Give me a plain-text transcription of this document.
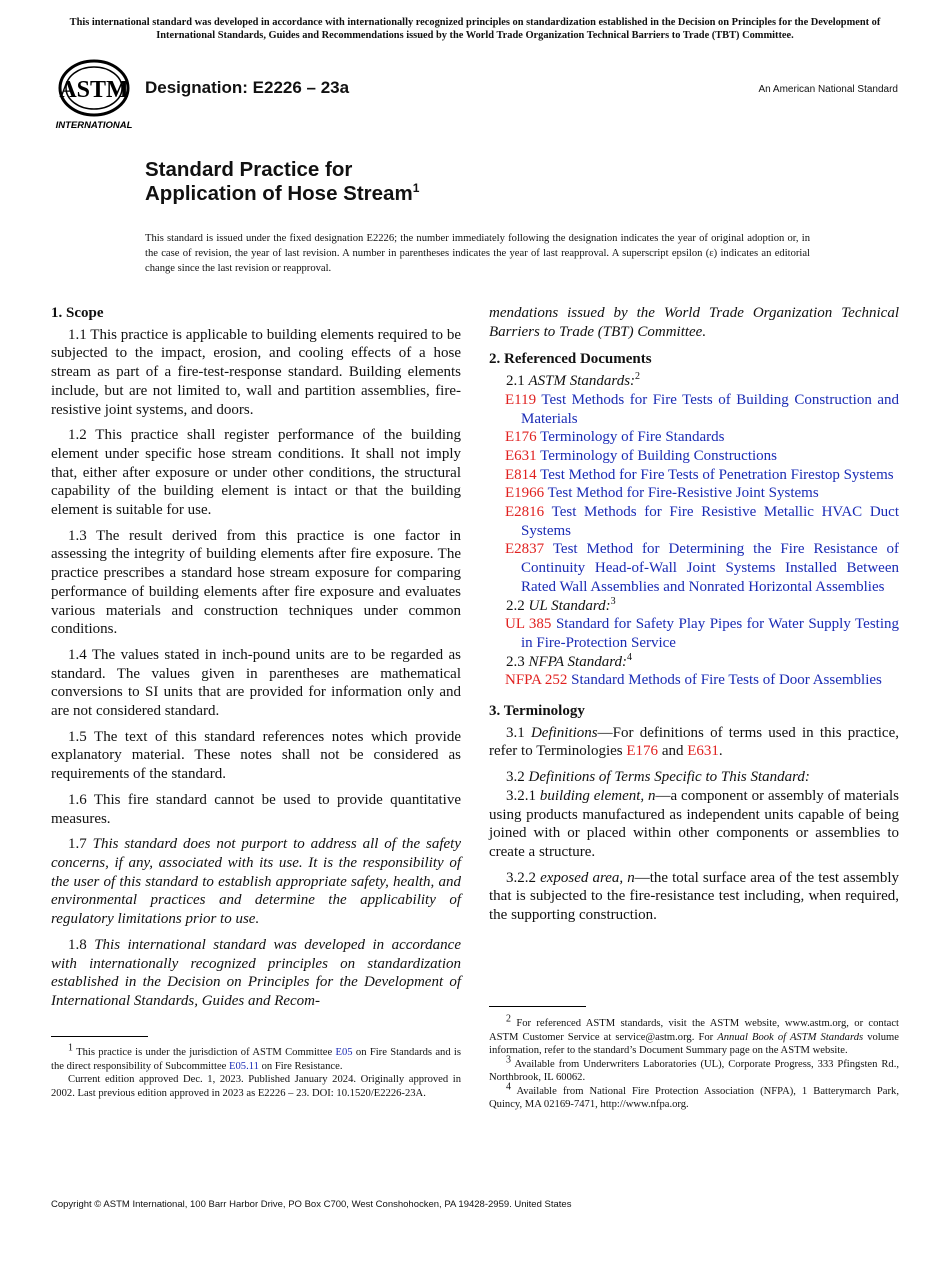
This international standard was developed in accordance with internationally recognized principles on standardization established in the Decision on Principles for the Development of International Standards, Guides and Recommendations issued by the World Trade Organization Technical Barriers to Trade (TBT) Committee.
ASTM
INTERNATIONAL
Designation: E2226 – 23a	An American National Standard
Standard Practice for
Application of Hose Stream$^1$
This standard is issued under the fixed designation E2226; the number immediately following the designation indicates the year of original adoption or, in the case of revision, the year of last revision. A number in parentheses indicates the year of last reapproval. A superscript epsilon (ε) indicates an editorial change since the last revision or reapproval.
1. Scope
1.1 This practice is applicable to building elements required to be subjected to the impact, erosion, and cooling effects of a hose stream as part of a fire-test-response standard. Building elements include, but are not limited to, wall and partition assemblies, fire-resistive joint systems, and doors.
1.2 This practice shall register performance of the building element under specific hose stream conditions. It shall not imply that, either after exposure or under other conditions, the structural capability of the building element is intact or that the building element is suitable for use.
1.3 The result derived from this practice is one factor in assessing the integrity of building elements after fire exposure. The practice prescribes a standard hose stream exposure for comparing performance of building elements after fire exposure and evaluates various materials and construction techniques under common conditions.
1.4 The values stated in inch-pound units are to be regarded as standard. The values given in parentheses are mathematical conversions to SI units that are provided for information only and are not considered standard.
1.5 The text of this standard references notes which provide explanatory material. These notes shall not be considered as requirements of the standard.
1.6 This fire standard cannot be used to provide quantitative measures.
1.7 This standard does not purport to address all of the safety concerns, if any, associated with its use. It is the responsibility of the user of this standard to establish appropriate safety, health, and environmental practices and determine the applicability of regulatory limitations prior to use.
1.8 This international standard was developed in accordance with internationally recognized principles on standardization established in the Decision on Principles for the Development of International Standards, Guides and Recom-
mendations issued by the World Trade Organization Technical Barriers to Trade (TBT) Committee.
2. Referenced Documents
2.1 ASTM Standards:$^2$
E119 Test Methods for Fire Tests of Building Construction and Materials
E176 Terminology of Fire Standards
E631 Terminology of Building Constructions
E814 Test Method for Fire Tests of Penetration Firestop Systems
E1966 Test Method for Fire-Resistive Joint Systems
E2816 Test Methods for Fire Resistive Metallic HVAC Duct Systems
E2837 Test Method for Determining the Fire Resistance of Continuity Head-of-Wall Joint Systems Installed Between Rated Wall Assemblies and Nonrated Horizontal Assemblies
2.2 UL Standard:$^3$
UL 385 Standard for Safety Play Pipes for Water Supply Testing in Fire-Protection Service
2.3 NFPA Standard:$^4$
NFPA 252 Standard Methods of Fire Tests of Door Assemblies
3. Terminology
3.1 Definitions—For definitions of terms used in this practice, refer to Terminologies E176 and E631.
3.2 Definitions of Terms Specific to This Standard:
3.2.1 building element, n—a component or assembly of materials using products manufactured as independent units capable of being joined with or placed within other components or assemblies to create a structure.
3.2.2 exposed area, n—the total surface area of the test assembly that is subjected to the fire-resistance test including, when required, the supporting construction.

$^1$ This practice is under the jurisdiction of ASTM Committee E05 on Fire Standards and is the direct responsibility of Subcommittee E05.11 on Fire Resistance.

Current edition approved Dec. 1, 2023. Published January 2024. Originally approved in 2002. Last previous edition approved in 2023 as E2226 – 23. DOI: 10.1520/E2226-23A.

$^2$ For referenced ASTM standards, visit the ASTM website, www.astm.org, or contact ASTM Customer Service at service@astm.org. For Annual Book of ASTM Standards volume information, refer to the standard’s Document Summary page on the ASTM website.

$^3$ Available from Underwriters Laboratories (UL), Corporate Progress, 333 Pfingsten Rd., Northbrook, IL 60062.

$^4$ Available from National Fire Protection Association (NFPA), 1 Batterymarch Park, Quincy, MA 02169-7471, http://www.nfpa.org.

Copyright © ASTM International, 100 Barr Harbor Drive, PO Box C700, West Conshohocken, PA 19428-2959. United States
